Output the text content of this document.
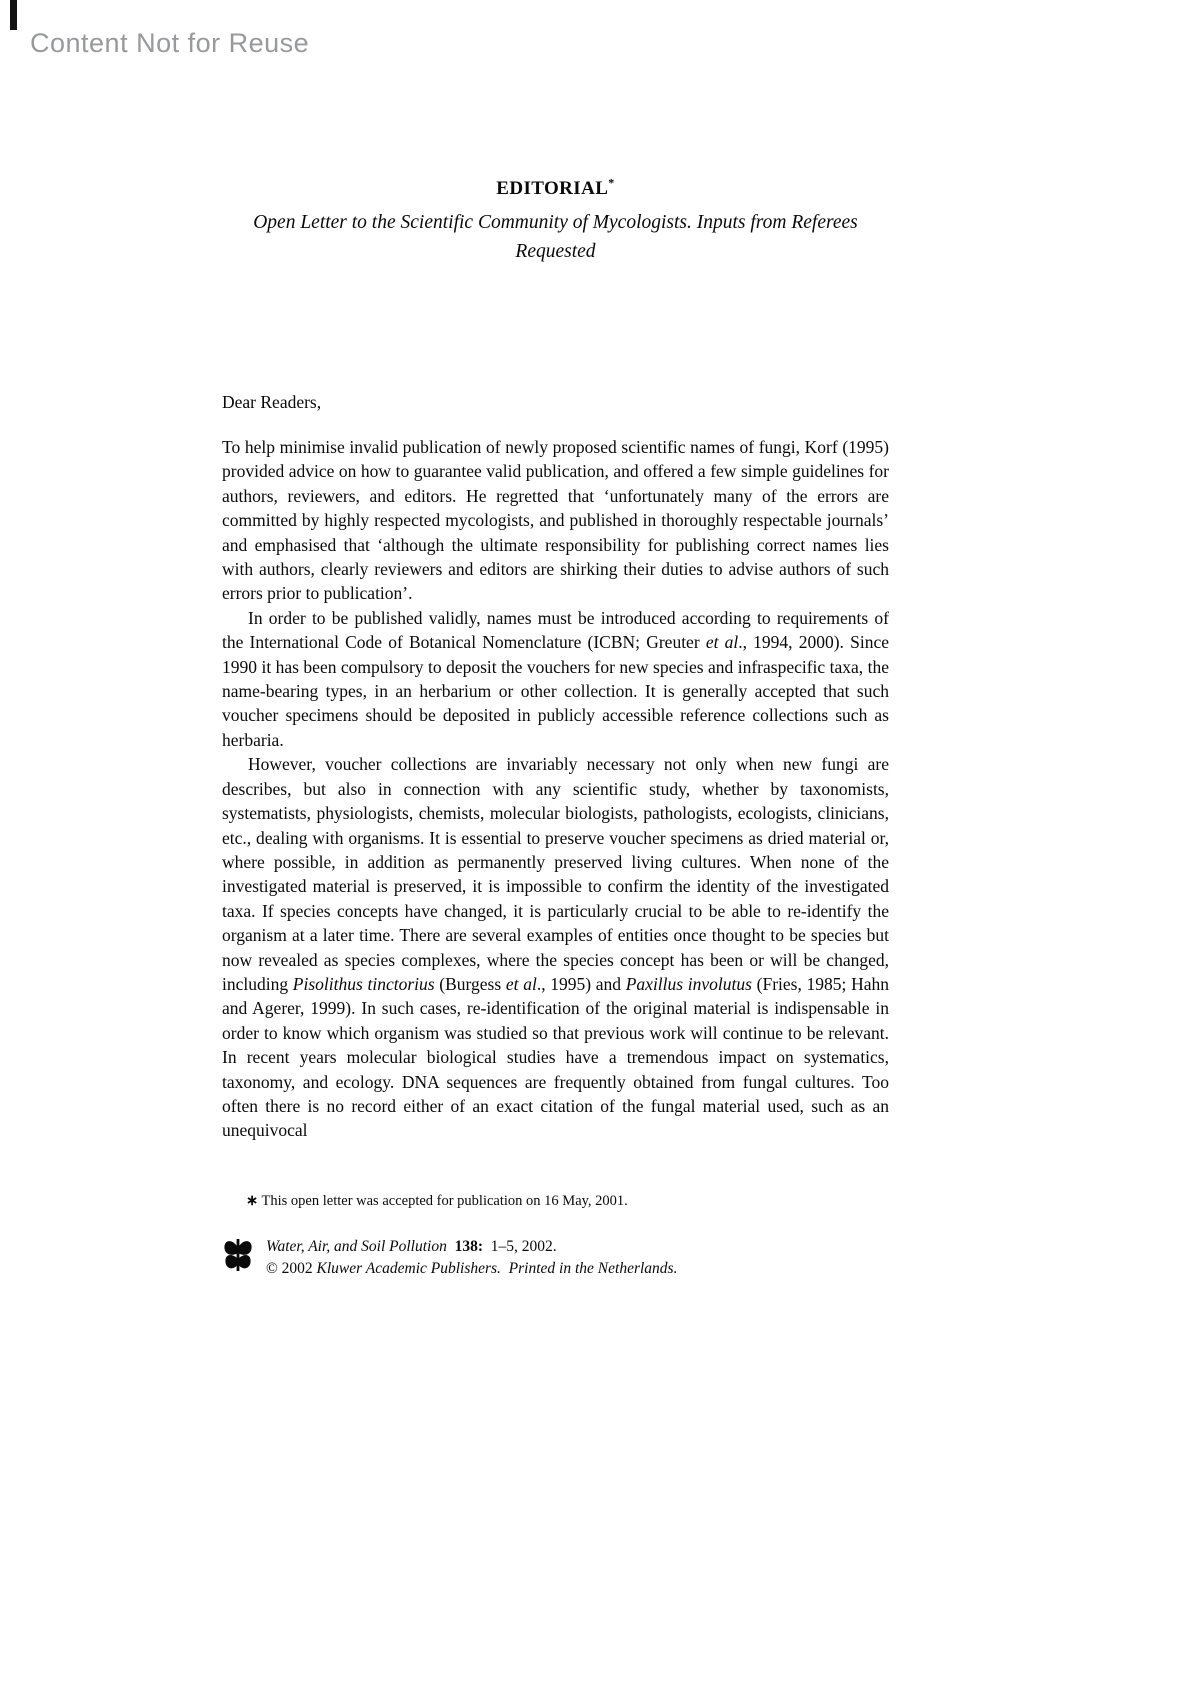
Content Not for Reuse
EDITORIAL*
Open Letter to the Scientific Community of Mycologists. Inputs from Referees Requested
Dear Readers,

To help minimise invalid publication of newly proposed scientific names of fungi, Korf (1995) provided advice on how to guarantee valid publication, and offered a few simple guidelines for authors, reviewers, and editors. He regretted that ‘unfortunately many of the errors are committed by highly respected mycologists, and published in thoroughly respectable journals’ and emphasised that ‘although the ultimate responsibility for publishing correct names lies with authors, clearly reviewers and editors are shirking their duties to advise authors of such errors prior to publication’.

In order to be published validly, names must be introduced according to requirements of the International Code of Botanical Nomenclature (ICBN; Greuter et al., 1994, 2000). Since 1990 it has been compulsory to deposit the vouchers for new species and infraspecific taxa, the name-bearing types, in an herbarium or other collection. It is generally accepted that such voucher specimens should be deposited in publicly accessible reference collections such as herbaria.

However, voucher collections are invariably necessary not only when new fungi are describes, but also in connection with any scientific study, whether by taxonomists, systematists, physiologists, chemists, molecular biologists, pathologists, ecologists, clinicians, etc., dealing with organisms. It is essential to preserve voucher specimens as dried material or, where possible, in addition as permanently preserved living cultures. When none of the investigated material is preserved, it is impossible to confirm the identity of the investigated taxa. If species concepts have changed, it is particularly crucial to be able to re-identify the organism at a later time. There are several examples of entities once thought to be species but now revealed as species complexes, where the species concept has been or will be changed, including Pisolithus tinctorius (Burgess et al., 1995) and Paxillus involutus (Fries, 1985; Hahn and Agerer, 1999). In such cases, re-identification of the original material is indispensable in order to know which organism was studied so that previous work will continue to be relevant. In recent years molecular biological studies have a tremendous impact on systematics, taxonomy, and ecology. DNA sequences are frequently obtained from fungal cultures. Too often there is no record either of an exact citation of the fungal material used, such as an unequivocal

∗ This open letter was accepted for publication on 16 May, 2001.
Water, Air, and Soil Pollution 138:  1–5, 2002.
© 2002 Kluwer Academic Publishers.  Printed in the Netherlands.
